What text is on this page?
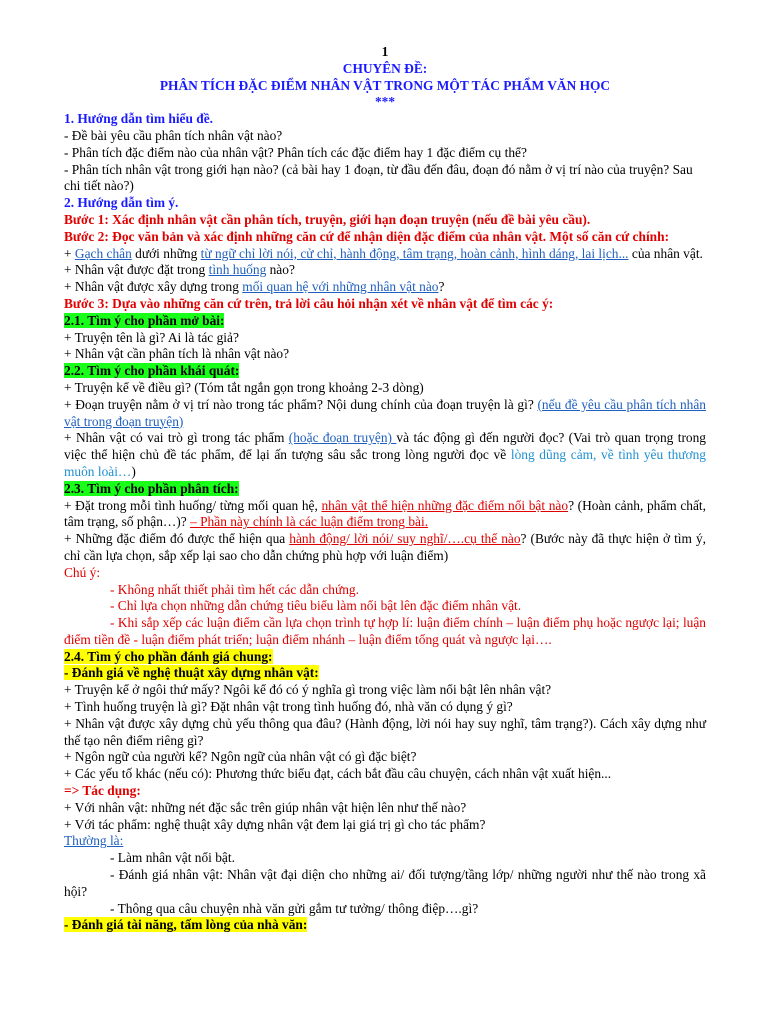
1

CHUYÊN ĐỀ:

PHÂN TÍCH ĐẶC ĐIỂM NHÂN VẬT TRONG MỘT TÁC PHẨM VĂN HỌC

***

1. Hướng dẫn tìm hiểu đề.

- Đề bài yêu cầu phân tích nhân vật nào?

- Phân tích đặc điểm nào của nhân vật? Phân tích các đặc điểm hay 1 đặc điểm cụ thể?

- Phân tích nhân vật trong giới hạn nào? (cả bài hay 1 đoạn, từ đầu đến đâu, đoạn đó nằm ở vị trí nào của truyện? Sau chi tiết nào?)

2. Hướng dẫn tìm ý.

Bước 1: Xác định nhân vật cần phân tích, truyện, giới hạn đoạn truyện (nếu đề bài yêu cầu).

Bước 2: Đọc văn bản và xác định những căn cứ để nhận diện đặc điểm của nhân vật. Một số căn cứ chính:

+ Gạch chân dưới những từ ngữ chỉ lời nói, cử chỉ, hành động, tâm trạng, hoàn cảnh, hình dáng, lai lịch... của nhân vật.

+ Nhân vật được đặt trong tình huống nào?

+ Nhân vật được xây dựng trong mối quan hệ với những nhân vật nào?

Bước 3: Dựa vào những căn cứ trên, trả lời câu hỏi nhận xét về nhân vật để tìm các ý:

2.1. Tìm ý cho phần mở bài:

+ Truyện tên là gì? Ai là tác giả?

+ Nhân vật cần phân tích là nhân vật nào?

2.2. Tìm ý cho phần khái quát:

+ Truyện kể về điều gì? (Tóm tắt ngắn gọn trong khoảng 2-3 dòng)

+ Đoạn truyện nằm ở vị trí nào trong tác phẩm? Nội dung chính của đoạn truyện là gì? (nếu đề yêu cầu phân tích nhân vật trong đoạn truyện)

+ Nhân vật có vai trò gì trong tác phẩm (hoặc đoạn truyện) và tác động gì đến người đọc? (Vai trò quan trọng trong việc thể hiện chủ đề tác phẩm, để lại ấn tượng sâu sắc trong lòng người đọc về lòng dũng cảm, về tình yêu thương muôn loài…)

2.3. Tìm ý cho phần phân tích:

+ Đặt trong mỗi tình huống/ từng mối quan hệ, nhân vật thể hiện những đặc điểm nổi bật nào? (Hoàn cảnh, phẩm chất, tâm trạng, số phận…)? – Phần này chính là các luận điểm trong bài.

+ Những đặc điểm đó được thể hiện qua hành động/ lời nói/ suy nghĩ/….cụ thể nào? (Bước này đã thực hiện ở tìm ý, chỉ cần lựa chọn, sắp xếp lại sao cho dẫn chứng phù hợp với luận điểm)

Chú ý:

- Không nhất thiết phải tìm hết các dẫn chứng.

- Chỉ lựa chọn những dẫn chứng tiêu biểu làm nổi bật lên đặc điểm nhân vật.

- Khi sắp xếp các luận điểm cần lựa chọn trình tự hợp lí: luận điểm chính – luận điểm phụ hoặc ngược lại; luận điểm tiền đề - luận điểm phát triển; luận điểm nhánh – luận điểm tổng quát và ngược lại….

2.4. Tìm ý cho phần đánh giá chung:

- Đánh giá về nghệ thuật xây dựng nhân vật:

+ Truyện kể ở ngôi thứ mấy? Ngôi kể đó có ý nghĩa gì trong việc làm nổi bật lên nhân vật?

+ Tình huống truyện là gì? Đặt nhân vật trong tình huống đó, nhà văn có dụng ý gì?

+ Nhân vật được xây dựng chủ yếu thông qua đâu? (Hành động, lời nói hay suy nghĩ, tâm trạng?). Cách xây dựng như thế tạo nên điểm riêng gì?

+ Ngôn ngữ của người kể? Ngôn ngữ của nhân vật có gì đặc biệt?

+ Các yếu tố khác (nếu có): Phương thức biểu đạt, cách bắt đầu câu chuyện, cách nhân vật xuất hiện...

=> Tác dụng:

+ Với nhân vật: những nét đặc sắc trên giúp nhân vật hiện lên như thế nào?

+ Với tác phẩm: nghệ thuật xây dựng nhân vật đem lại giá trị gì cho tác phẩm?

Thường là:

- Làm nhân vật nổi bật.

- Đánh giá nhân vật: Nhân vật đại diện cho những ai/ đối tượng/tầng lớp/ những người như thế nào trong xã hội?

- Thông qua câu chuyện nhà văn gửi gắm tư tưởng/ thông điệp….gì?

- Đánh giá tài năng, tấm lòng của nhà văn:
